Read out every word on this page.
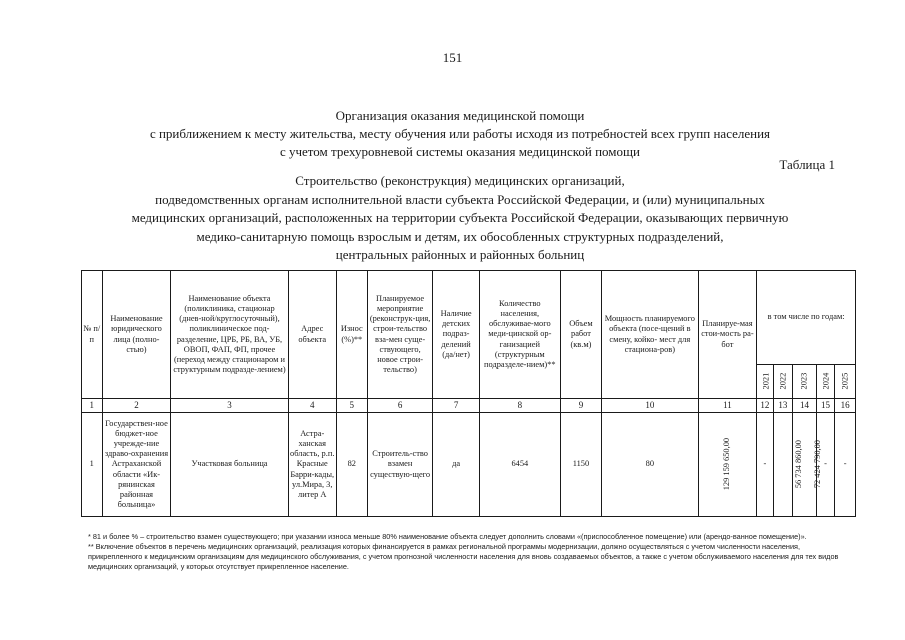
151
Организация оказания медицинской помощи
с приближением к месту жительства, месту обучения или работы исходя из потребностей всех групп населения
с учетом трехуровневой системы оказания медицинской помощи
Таблица 1
Строительство (реконструкция) медицинских организаций,
подведомственных органам исполнительной власти субъекта Российской Федерации, и (или) муниципальных
медицинских организаций, расположенных на территории субъекта Российской Федерации, оказывающих первичную
медико-санитарную помощь взрослым и детям, их обособленных структурных подразделений,
центральных районных и районных больниц
№ п/ п	Наименование юридического лица (полно-стью)	Наименование объекта (поликлиника, стационар (днев-ной/круглосуточный), поликлиническое под-разделение, ЦРБ, РБ, ВА, УБ, ОВОП, ФАП, ФП, прочее (переход между стационаром и структурным подразде-лением)	Адрес объекта	Износ (%)**	Планируемое мероприятие (реконструк-ция, строи-тельство вза-мен суще-ствующего, новое строи-тельство)	Наличие детских подраз-делений (да/нет)	Количество населения, обслуживае-мого меди-цинской ор-ганизацией (структурным подразделе-нием)**	Объем работ (кв.м)	Мощность планируемого объекта (посе-щений в смену, койко- мест для стациона-ров)	Планируе-мая стои-мость ра-бот	в том числе по годам:				
											2021	2022	2023	2024	2025
1	2	3	4	5	6	7	8	9	10	11	12	13	14	15	16
1	Государствен-ное бюджет-ное учрежде-ние здраво-охранения Астраханской области «Ик-рянинская районная больница»	Участковая больница	Астра-ханская область, р.п. Красные Барри-кады, ул.Мира, 3, литер А	82	Строитель-ство взамен существую-щего	да	6454	1150	80	129 159 650,00	-	56 734 860,00	72 424 790,00	-	-

* 81 и более % – строительство взамен существующего; при указании износа меньше 80% наименование объекта следует дополнить словами «(приспособленное помещение) или (арендо-ванное помещение)».

** Включение объектов в перечень медицинских организаций, реализация которых финансируется в рамках региональной программы модернизации, должно осуществляться с учетом численности населения, прикрепленного к медицинским организациям для медицинского обслуживания, с учетом прогнозной численности населения для вновь создаваемых объектов, а также с учетом обслуживаемого населения для тех видов медицинских организаций, у которых отсутствует прикрепленное население.
